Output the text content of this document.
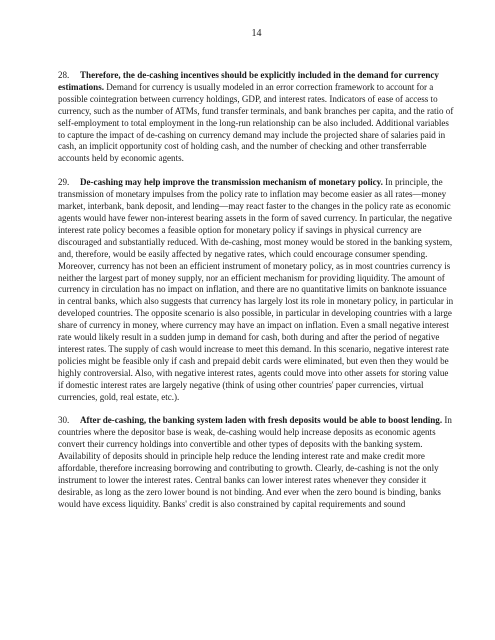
14

28. Therefore, the de-cashing incentives should be explicitly included in the demand for currency estimations. Demand for currency is usually modeled in an error correction framework to account for a possible cointegration between currency holdings, GDP, and interest rates. Indicators of ease of access to currency, such as the number of ATMs, fund transfer terminals, and bank branches per capita, and the ratio of self-employment to total employment in the long-run relationship can be also included. Additional variables to capture the impact of de-cashing on currency demand may include the projected share of salaries paid in cash, an implicit opportunity cost of holding cash, and the number of checking and other transferrable accounts held by economic agents.

29. De-cashing may help improve the transmission mechanism of monetary policy. In principle, the transmission of monetary impulses from the policy rate to inflation may become easier as all rates—money market, interbank, bank deposit, and lending—may react faster to the changes in the policy rate as economic agents would have fewer non-interest bearing assets in the form of saved currency. In particular, the negative interest rate policy becomes a feasible option for monetary policy if savings in physical currency are discouraged and substantially reduced. With de-cashing, most money would be stored in the banking system, and, therefore, would be easily affected by negative rates, which could encourage consumer spending. Moreover, currency has not been an efficient instrument of monetary policy, as in most countries currency is neither the largest part of money supply, nor an efficient mechanism for providing liquidity. The amount of currency in circulation has no impact on inflation, and there are no quantitative limits on banknote issuance in central banks, which also suggests that currency has largely lost its role in monetary policy, in particular in developed countries. The opposite scenario is also possible, in particular in developing countries with a large share of currency in money, where currency may have an impact on inflation. Even a small negative interest rate would likely result in a sudden jump in demand for cash, both during and after the period of negative interest rates. The supply of cash would increase to meet this demand. In this scenario, negative interest rate policies might be feasible only if cash and prepaid debit cards were eliminated, but even then they would be highly controversial. Also, with negative interest rates, agents could move into other assets for storing value if domestic interest rates are largely negative (think of using other countries' paper currencies, virtual currencies, gold, real estate, etc.).

30. After de-cashing, the banking system laden with fresh deposits would be able to boost lending. In countries where the depositor base is weak, de-cashing would help increase deposits as economic agents convert their currency holdings into convertible and other types of deposits with the banking system. Availability of deposits should in principle help reduce the lending interest rate and make credit more affordable, therefore increasing borrowing and contributing to growth. Clearly, de-cashing is not the only instrument to lower the interest rates. Central banks can lower interest rates whenever they consider it desirable, as long as the zero lower bound is not binding. And ever when the zero bound is binding, banks would have excess liquidity. Banks' credit is also constrained by capital requirements and sound
